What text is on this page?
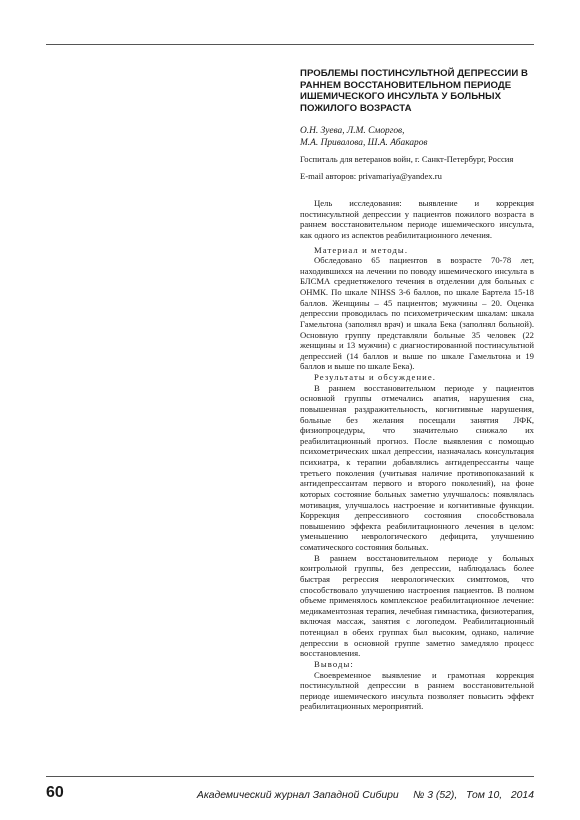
ПРОБЛЕМЫ ПОСТИНСУЛЬТНОЙ ДЕПРЕССИИ В РАННЕМ ВОССТАНОВИТЕЛЬНОМ ПЕРИОДЕ ИШЕМИЧЕСКОГО ИНСУЛЬТА У БОЛЬНЫХ ПОЖИЛОГО ВОЗРАСТА
О.Н. Зуева, Л.М. Сморгов,
М.А. Привалова, Ш.А. Абакаров
Госпиталь для ветеранов войн, г. Санкт-Петербург, Россия
E-mail авторов: privamariya@yandex.ru

Цель исследования: выявление и коррекция постинсультной депрессии у пациентов пожилого возраста в раннем восстановительном периоде ишемического инсульта, как одного из аспектов реабилитационного лечения.

Материал и методы.

Обследовано 65 пациентов в возрасте 70-78 лет, находившихся на лечении по поводу ишемического инсульта в БЛСМА среднетяжелого течения в отделении для больных с ОНМК. По шкале NIHSS 3-6 баллов, по шкале Бартела 15-18 баллов. Женщины – 45 пациентов; мужчины – 20. Оценка депрессии проводилась по психометрическим шкалам: шкала Гамельтона (заполнял врач) и шкала Бека (заполнял больной). Основную группу представляли больные 35 человек (22 женщины и 13 мужчин) с диагностированной постинсультной депрессией (14 баллов и выше по шкале Гамельтона и 19 баллов и выше по шкале Бека).

Результаты и обсуждение.

В раннем восстановительном периоде у пациентов основной группы отмечались апатия, нарушения сна, повышенная раздражительность, когнитивные нарушения, больные без желания посещали занятия ЛФК, физиопроцедуры, что значительно снижало их реабилитационный прогноз. После выявления с помощью психометрических шкал депрессии, назначалась консультация психиатра, к терапии добавлялись антидепрессанты чаще третьего поколения (учитывая наличие противопоказаний к антидепрессантам первого и второго поколений), на фоне которых состояние больных заметно улучшалось: появлялась мотивация, улучшалось настроение и когнитивные функции. Коррекция депрессивного состояния способствовала повышению эффекта реабилитационного лечения в целом: уменьшению неврологического дефицита, улучшению соматического состояния больных.

В раннем восстановительном периоде у больных контрольной группы, без депрессии, наблюдалась более быстрая регрессия неврологических симптомов, что способствовало улучшению настроения пациентов. В полном объеме применялось комплексное реабилитационное лечение: медикаментозная терапия, лечебная гимнастика, физиотерапия, включая массаж, занятия с логопедом. Реабилитационный потенциал в обеих группах был высоким, однако, наличие депрессии в основной группе заметно замедляло процесс восстановления.

Выводы:

Своевременное выявление и грамотная коррекция постинсультной депрессии в раннем восстановительной периоде ишемического инсульта позволяет повысить эффект реабилитационных мероприятий.

60	Академический журнал Западной Сибири № 3 (52), Том 10, 2014
